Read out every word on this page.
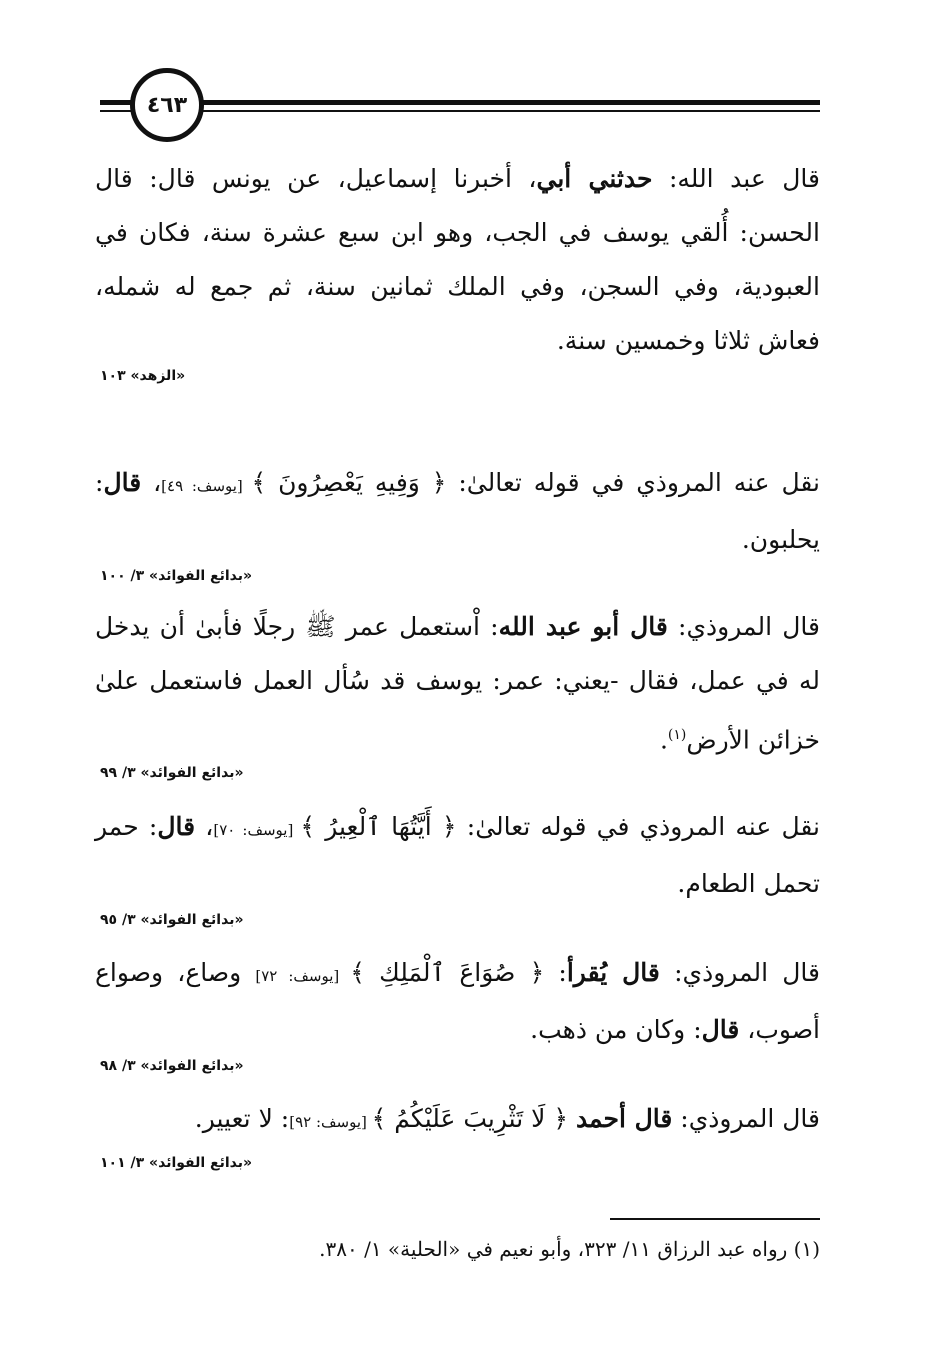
٤٦٣
قال عبد الله: حدثني أبي، أخبرنا إسماعيل، عن يونس قال: قال الحسن: أُلقي يوسف في الجب، وهو ابن سبع عشرة سنة، فكان في العبودية، وفي السجن، وفي الملك ثمانين سنة، ثم جمع له شمله، فعاش ثلاثا وخمسين سنة.
«الزهد» ١٠٣
نقل عنه المروذي في قوله تعالىٰ: ﴿ وَفِيهِ يَعْصِرُونَ ﴾ [يوسف: ٤٩]، قال: يحلبون.
«بدائع الفوائد» ٣/ ١٠٠
قال المروذي: قال أبو عبد الله: اْستعمل عمر ﷺ رجلًا فأبىٰ أن يدخل له في عمل، فقال -يعني: عمر: يوسف قد سُأل العمل فاستعمل علىٰ خزائن الأرض$^{(١)}$.
«بدائع الفوائد» ٣/ ٩٩
نقل عنه المروذي في قوله تعالىٰ: ﴿ أَيَّتُهَا ٱلْعِيرُ ﴾ [يوسف: ٧٠]، قال: حمر تحمل الطعام.
«بدائع الفوائد» ٣/ ٩٥
قال المروذي: قال يُقرأ: ﴿ صُوَاعَ ٱلْمَلِكِ ﴾ [يوسف: ٧٢] وصاع، وصواع أصوب، قال: وكان من ذهب.
«بدائع الفوائد» ٣/ ٩٨
قال المروذي: قال أحمد ﴿ لَا تَثْرِيبَ عَلَيْكُمُ ﴾ [يوسف: ٩٢]: لا تعيير.
«بدائع الفوائد» ٣/ ١٠١
(١) رواه عبد الرزاق ١١/ ٣٢٣، وأبو نعيم في «الحلية» ١/ ٣٨٠.
